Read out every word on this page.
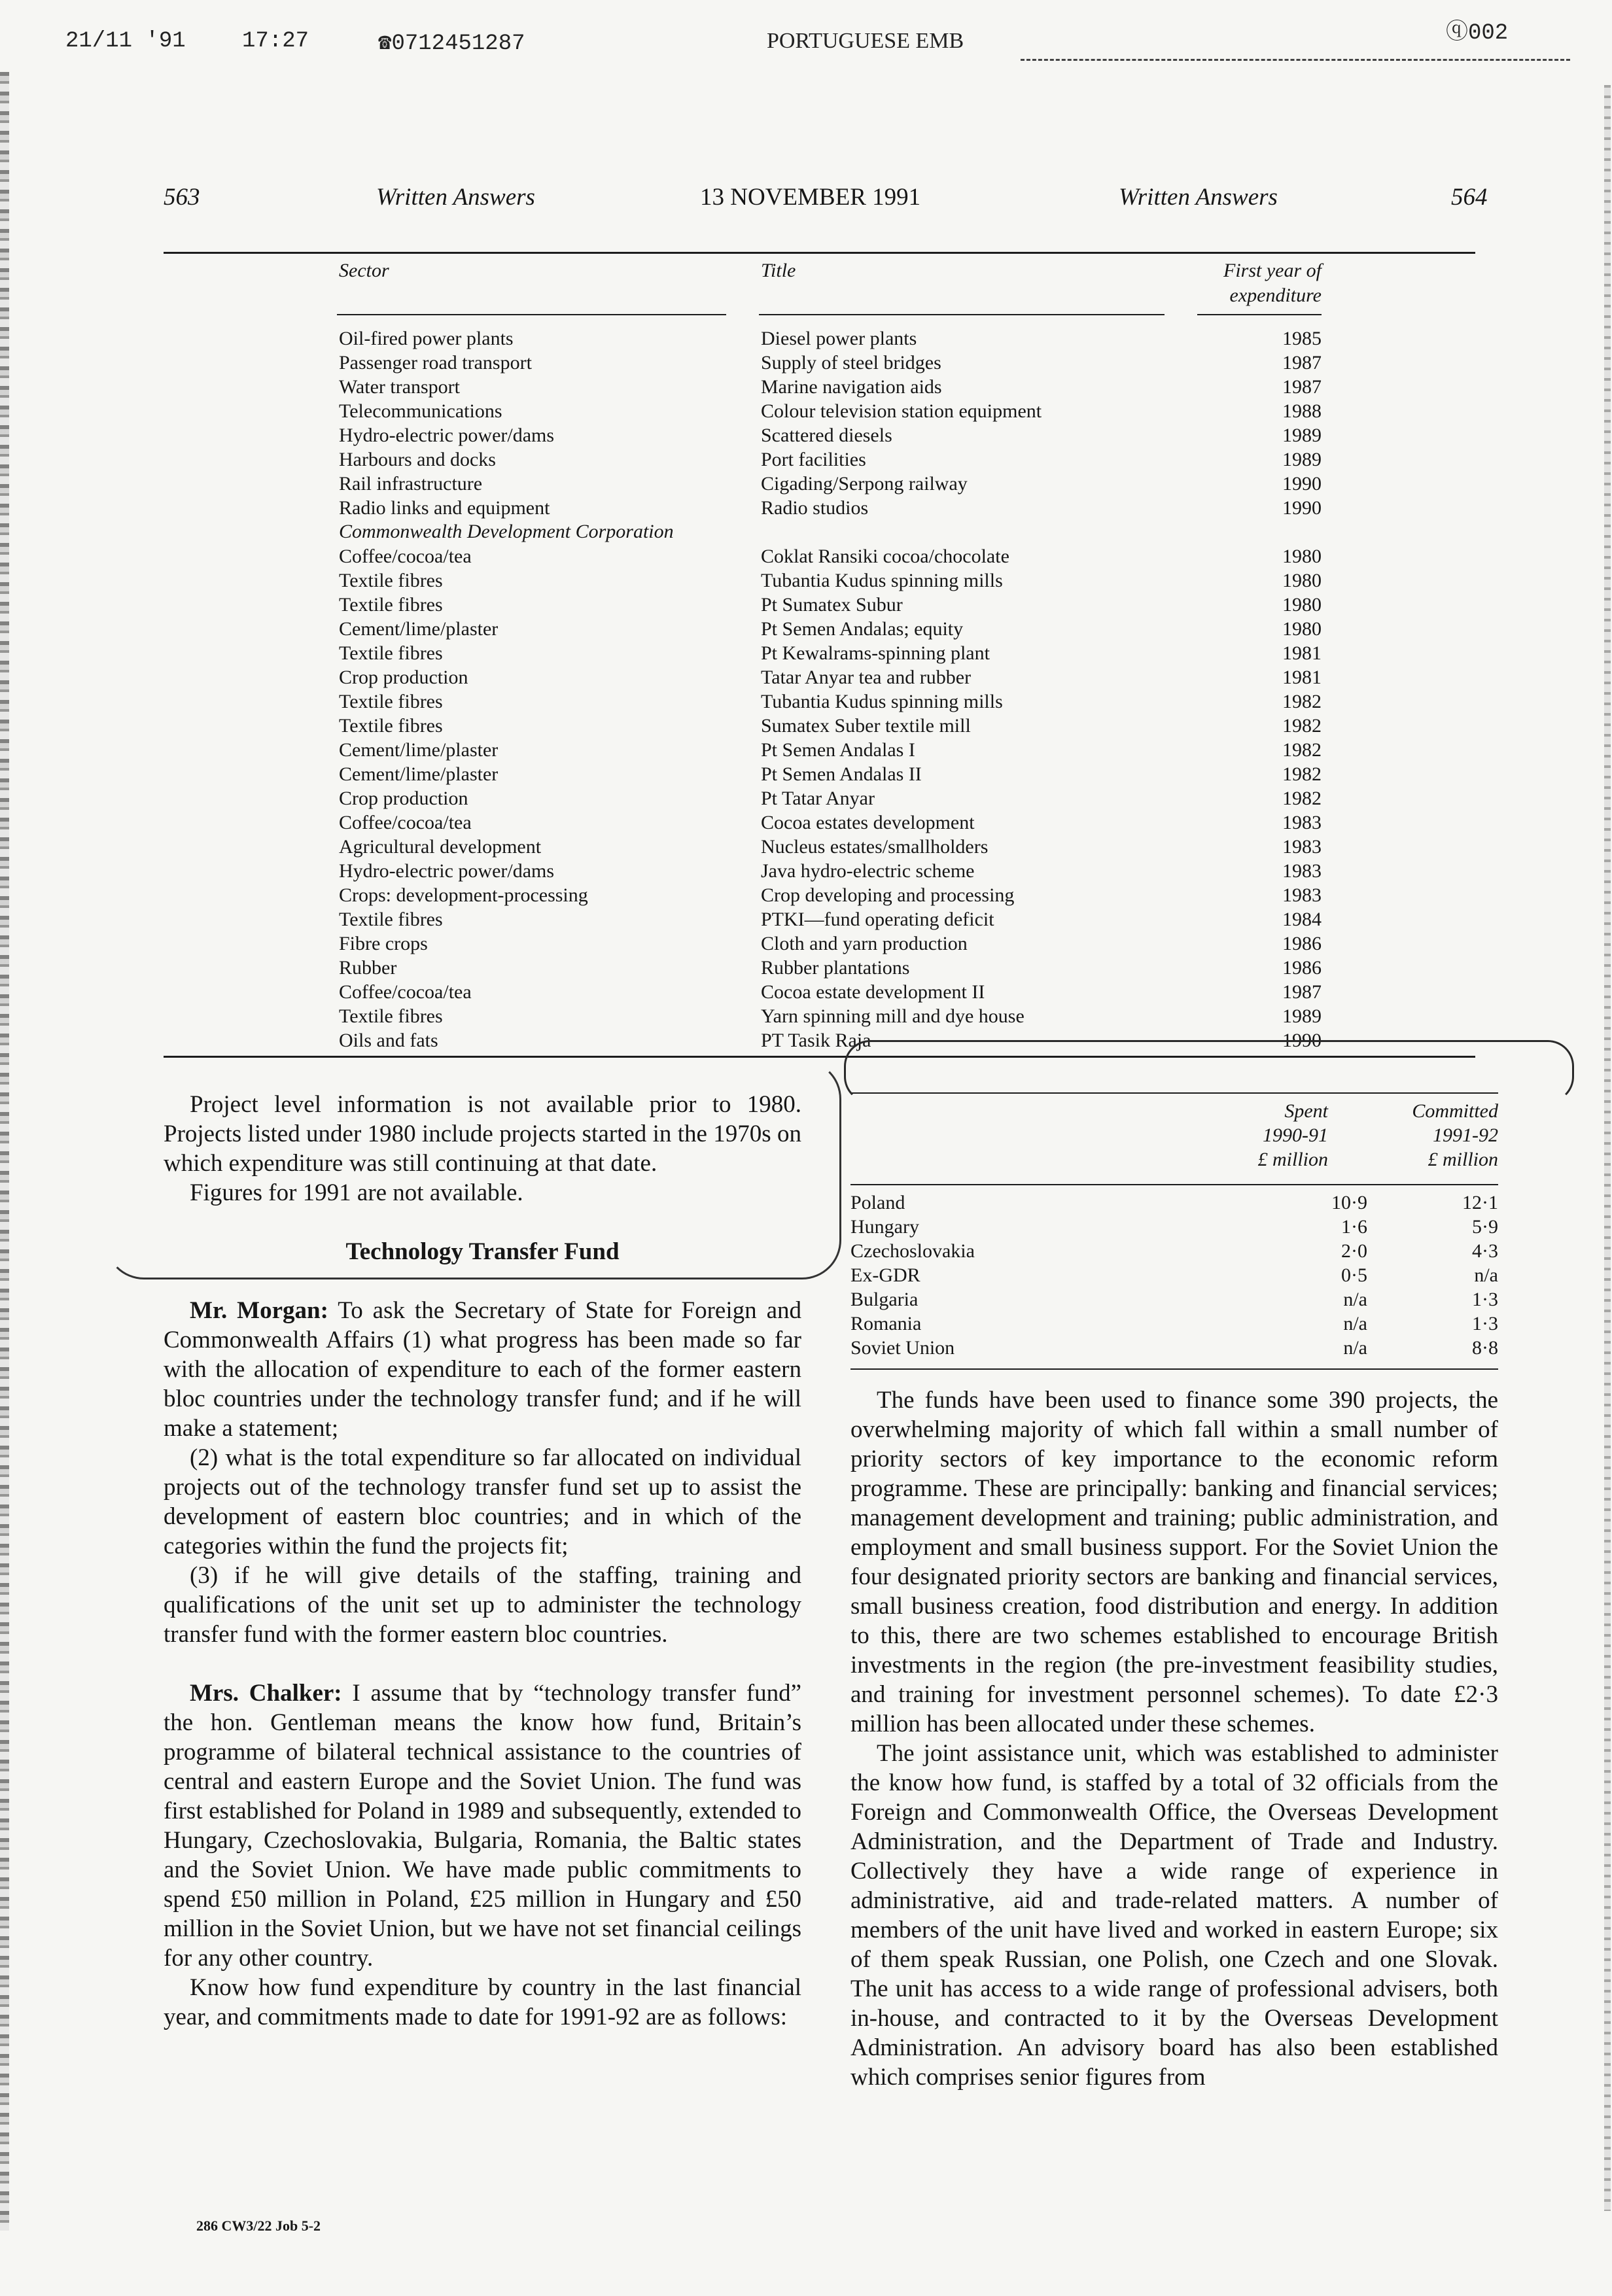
21/11 '91	17:27	☎0712451287	PORTUGUESE EMB	ⓠ002
563	Written Answers	13 NOVEMBER 1991	Written Answers	564
Sector	Title	First year of
expenditure
Oil-fired power plants	Diesel power plants	1985
Passenger road transport	Supply of steel bridges	1987
Water transport	Marine navigation aids	1987
Telecommunications	Colour television station equipment	1988
Hydro-electric power/dams	Scattered diesels	1989
Harbours and docks	Port facilities	1989
Rail infrastructure	Cigading/Serpong railway	1990
Radio links and equipment	Radio studios	1990
Commonwealth Development Corporation
Coffee/cocoa/tea	Coklat Ransiki cocoa/chocolate	1980
Textile fibres	Tubantia Kudus spinning mills	1980
Textile fibres	Pt Sumatex Subur	1980
Cement/lime/plaster	Pt Semen Andalas; equity	1980
Textile fibres	Pt Kewalrams-spinning plant	1981
Crop production	Tatar Anyar tea and rubber	1981
Textile fibres	Tubantia Kudus spinning mills	1982
Textile fibres	Sumatex Suber textile mill	1982
Cement/lime/plaster	Pt Semen Andalas I	1982
Cement/lime/plaster	Pt Semen Andalas II	1982
Crop production	Pt Tatar Anyar	1982
Coffee/cocoa/tea	Cocoa estates development	1983
Agricultural development	Nucleus estates/smallholders	1983
Hydro-electric power/dams	Java hydro-electric scheme	1983
Crops: development-processing	Crop developing and processing	1983
Textile fibres	PTKI—fund operating deficit	1984
Fibre crops	Cloth and yarn production	1986
Rubber	Rubber plantations	1986
Coffee/cocoa/tea	Cocoa estate development II	1987
Textile fibres	Yarn spinning mill and dye house	1989
Oils and fats	PT Tasik Raja	1990

Project level information is not available prior to 1980. Projects listed under 1980 include projects started in the 1970s on which expenditure was still continuing at that date.

Figures for 1991 are not available.

Technology Transfer Fund

Mr. Morgan: To ask the Secretary of State for Foreign and Commonwealth Affairs (1) what progress has been made so far with the allocation of expenditure to each of the former eastern bloc countries under the technology transfer fund; and if he will make a statement;

(2) what is the total expenditure so far allocated on individual projects out of the technology transfer fund set up to assist the development of eastern bloc countries; and in which of the categories within the fund the projects fit;

(3) if he will give details of the staffing, training and qualifications of the unit set up to administer the technology transfer fund with the former eastern bloc countries.

Mrs. Chalker: I assume that by “technology transfer fund” the hon. Gentleman means the know how fund, Britain’s programme of bilateral technical assistance to the countries of central and eastern Europe and the Soviet Union. The fund was first established for Poland in 1989 and subsequently, extended to Hungary, Czechoslovakia, Bulgaria, Romania, the Baltic states and the Soviet Union. We have made public commitments to spend £50 million in Poland, £25 million in Hungary and £50 million in the Soviet Union, but we have not set financial ceilings for any other country.

Know how fund expenditure by country in the last financial year, and commitments made to date for 1991-92 are as follows:

Spent
1990-91
£ million
Committed
1991-92
£ million
Poland	10·9	12·1
Hungary	1·6	5·9
Czechoslovakia	2·0	4·3
Ex-GDR	0·5	n/a
Bulgaria	n/a	1·3
Romania	n/a	1·3
Soviet Union	n/a	8·8

The funds have been used to finance some 390 projects, the overwhelming majority of which fall within a small number of priority sectors of key importance to the economic reform programme. These are principally: banking and financial services; management development and training; public administration, and employment and small business support. For the Soviet Union the four designated priority sectors are banking and financial services, small business creation, food distribution and energy. In addition to this, there are two schemes established to encourage British investments in the region (the pre-investment feasibility studies, and training for investment personnel schemes). To date £2·3 million has been allocated under these schemes.

The joint assistance unit, which was established to administer the know how fund, is staffed by a total of 32 officials from the Foreign and Commonwealth Office, the Overseas Development Administration, and the Department of Trade and Industry. Collectively they have a wide range of experience in administrative, aid and trade-related matters. A number of members of the unit have lived and worked in eastern Europe; six of them speak Russian, one Polish, one Czech and one Slovak. The unit has access to a wide range of professional advisers, both in-house, and contracted to it by the Overseas Development Administration. An advisory board has also been established which comprises senior figures from

286 CW3/22 Job 5-2
